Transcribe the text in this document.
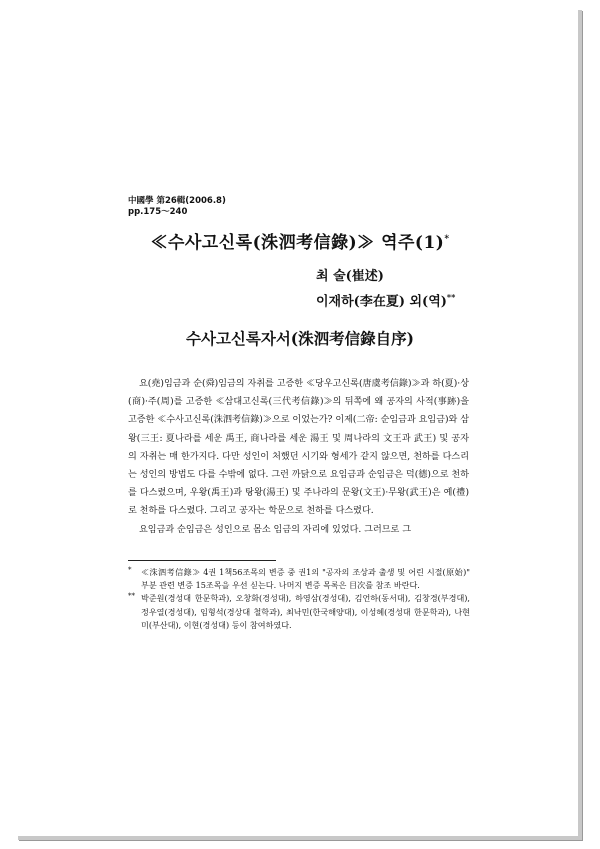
中國學 第26輯(2006.8)
pp.175～240
≪수사고신록(洙泗考信錄)≫ 역주(1)*
최 술(崔述)
이재하(李在夏) 외(역)**
수사고신록자서(洙泗考信錄自序)

요(堯)임금과 순(舜)임금의 자취를 고증한 ≪당우고신록(唐虞考信錄)≫과 하(夏)·상(商)·주(周)를 고증한 ≪삼대고신록(三代考信錄)≫의 뒤쪽에 왜 공자의 사적(事跡)을 고증한 ≪수사고신록(洙泗考信錄)≫으로 이었는가? 이제(二帝: 순임금과 요임금)와 삼왕(三王: 夏나라를 세운 禹王, 商나라를 세운 湯王 및 周나라의 文王과 武王) 및 공자의 자취는 매 한가지다. 다만 성인이 처했던 시기와 형세가 같지 않으면, 천하를 다스리는 성인의 방법도 다를 수밖에 없다. 그런 까닭으로 요임금과 순임금은 덕(德)으로 천하를 다스렸으며, 우왕(禹王)과 탕왕(湯王) 및 주나라의 문왕(文王)·무왕(武王)은 예(禮)로 천하를 다스렸다. 그리고 공자는 학문으로 천하를 다스렸다.

요임금과 순임금은 성인으로 몸소 임금의 자리에 있었다. 그러므로 그

* ≪洙泗考信錄≫ 4권 1책56조목의 변증 중 권1의 "공자의 조상과 출생 및 어린 시절(原始)" 부분 관련 변증 15조목을 우선 싣는다. 나머지 변증 목록은 目次를 참조 바란다.

** 박준원(경성대 한문학과), 오창화(경성대), 하영삼(경성대), 김언하(동서대), 김창경(부경대), 정우열(경성대), 임형석(경상대 철학과), 최낙민(한국해양대), 이성혜(경성대 한문학과), 나현미(부산대), 이현(경성대) 등이 참여하였다.
